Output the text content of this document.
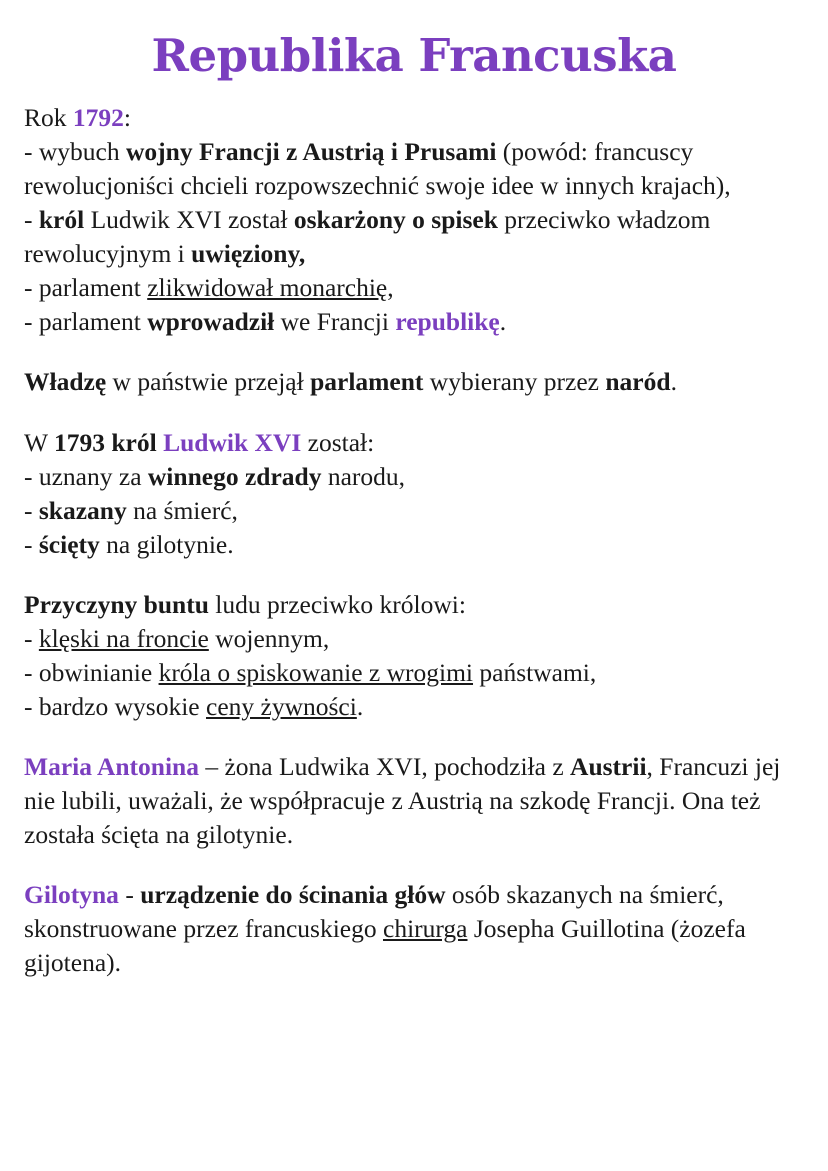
Republika Francuska
Rok 1792:
- wybuch wojny Francji z Austrią i Prusami (powód: francuscy rewolucjoniści chcieli rozpowszechnić swoje idee w innych krajach),
- król Ludwik XVI został oskarżony o spisek przeciwko władzom rewolucyjnym i uwięziony,
- parlament zlikwidował monarchię,
- parlament wprowadził we Francji republikę.
Władzę w państwie przejął parlament wybierany przez naród.
W 1793 król Ludwik XVI został:
- uznany za winnego zdrady narodu,
- skazany na śmierć,
- ścięty na gilotynie.
Przyczyny buntu ludu przeciwko królowi:
- klęski na froncie wojennym,
- obwinianie króla o spiskowanie z wrogimi państwami,
- bardzo wysokie ceny żywności.
Maria Antonina – żona Ludwika XVI, pochodziła z Austrii, Francuzi jej nie lubili, uważali, że współpracuje z Austrią na szkodę Francji. Ona też została ścięta na gilotynie.
Gilotyna - urządzenie do ścinania głów osób skazanych na śmierć, skonstruowane przez francuskiego chirurga Josepha Guillotina (żozefa gijotena).
